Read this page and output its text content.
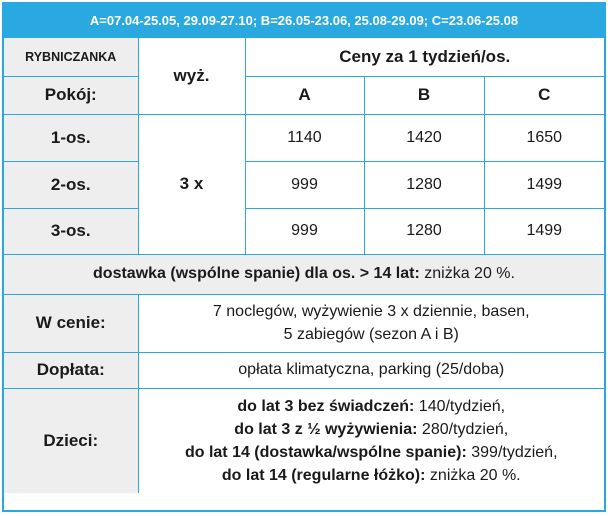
A=07.04-25.05, 29.09-27.10; B=26.05-23.06, 25.08-29.09; C=23.06-25.08
RYBNICZANKA	wyż.	Ceny za 1 tydzień/os.		
Pokój:		A	B	C
1-os.	3 x	1140	1420	1650
2-os.		999	1280	1499
3-os.		999	1280	1499
dostawka (wspólne spanie) dla os. > 14 lat: zniżka 20 %.				
W cenie:	7 noclegów, wyżywienie 3 x dziennie, basen,
5 zabiegów (sezon A i B)			

Dopłata:	opłata klimatyczna, parking (25/doba)			
Dzieci:	do lat 3 bez świadczeń: 140/tydzień,
do lat 3 z ½ wyżywienia: 280/tydzień,
do lat 14 (dostawka/wspólne spanie): 399/tydzień,
do lat 14 (regularne łóżko): zniżka 20 %.			
